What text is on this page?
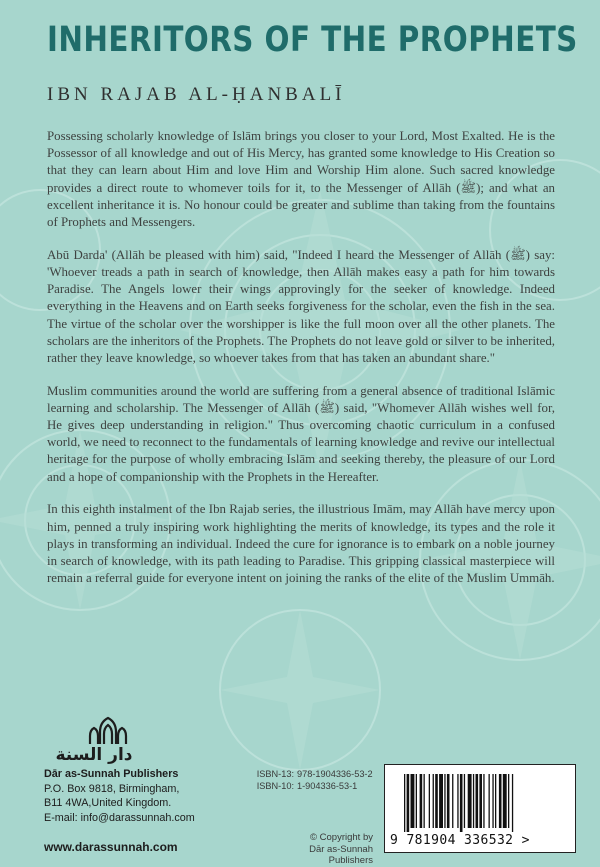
INHERITORS OF THE PROPHETS
IBN RAJAB AL-ḤANBALĪ

Possessing scholarly knowledge of Islām brings you closer to your Lord, Most Exalted. He is the Possessor of all knowledge and out of His Mercy, has granted some knowledge to His Creation so that they can learn about Him and love Him and Worship Him alone. Such sacred knowledge provides a direct route to whomever toils for it, to the Messenger of Allāh (ﷺ); and what an excellent inheritance it is. No honour could be greater and sublime than taking from the fountains of Prophets and Messengers.

Abū Darda' (Allāh be pleased with him) said, "Indeed I heard the Messenger of Allāh (ﷺ) say: 'Whoever treads a path in search of knowledge, then Allāh makes easy a path for him towards Paradise. The Angels lower their wings approvingly for the seeker of knowledge. Indeed everything in the Heavens and on Earth seeks forgiveness for the scholar, even the fish in the sea. The virtue of the scholar over the worshipper is like the full moon over all the other planets. The scholars are the inheritors of the Prophets. The Prophets do not leave gold or silver to be inherited, rather they leave knowledge, so whoever takes from that has taken an abundant share."

Muslim communities around the world are suffering from a general absence of traditional Islāmic learning and scholarship. The Messenger of Allāh (ﷺ) said, "Whomever Allāh wishes well for, He gives deep understanding in religion." Thus overcoming chaotic curriculum in a confused world, we need to reconnect to the fundamentals of learning knowledge and revive our intellectual heritage for the purpose of wholly embracing Islām and seeking thereby, the pleasure of our Lord and a hope of companionship with the Prophets in the Hereafter.

In this eighth instalment of the Ibn Rajab series, the illustrious Imām, may Allāh have mercy upon him, penned a truly inspiring work highlighting the merits of knowledge, its types and the role it plays in transforming an individual. Indeed the cure for ignorance is to embark on a noble journey in search of knowledge, with its path leading to Paradise. This gripping classical masterpiece will remain a referral guide for everyone intent on joining the ranks of the elite of the Muslim Ummāh.

دار السنة
Dār as-Sunnah Publishers
P.O. Box 9818, Birmingham,
B11 4WA,United Kingdom.
E-mail: info@darassunnah.com
www.darassunnah.com
ISBN-13: 978-1904336-53-2
ISBN-10: 1-904336-53-1
© Copyright by
Dār as-Sunnah Publishers
9 781904 336532 >
